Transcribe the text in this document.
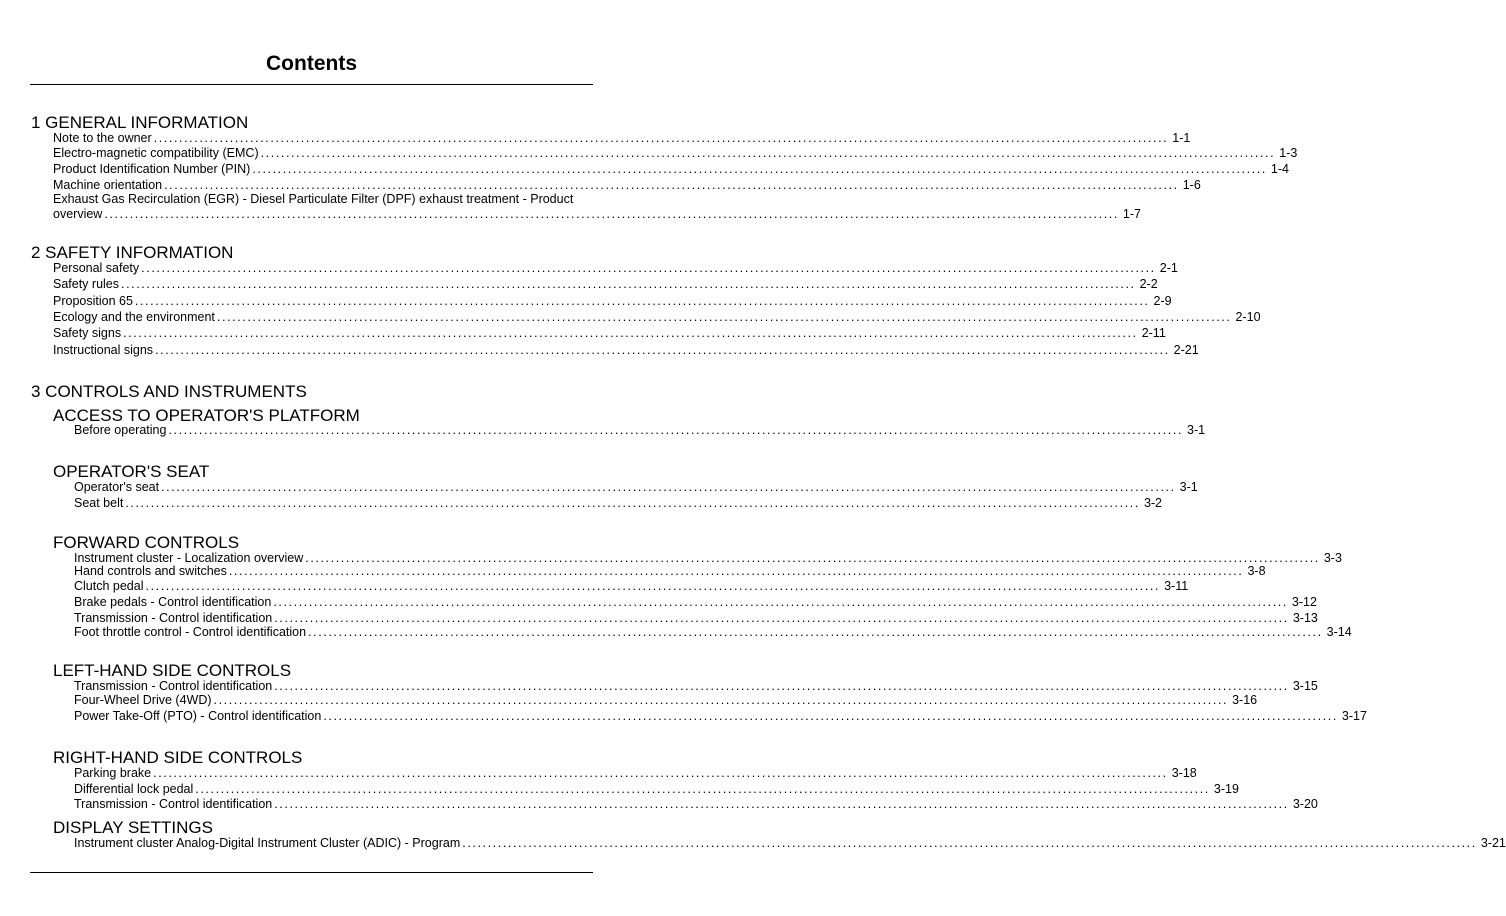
Contents
1 GENERAL INFORMATION
Note to the owner ........................................................................................................................................................................................................ 1-1
Electro-magnetic compatibility (EMC) ........................................................................................................................................................................................................ 1-3
Product Identification Number (PIN) ........................................................................................................................................................................................................ 1-4
Machine orientation ........................................................................................................................................................................................................ 1-6
Exhaust Gas Recirculation (EGR) - Diesel Particulate Filter (DPF) exhaust treatment - Product
overview ........................................................................................................................................................................................................ 1-7
2 SAFETY INFORMATION
Personal safety ........................................................................................................................................................................................................ 2-1
Safety rules ........................................................................................................................................................................................................ 2-2
Proposition 65 ........................................................................................................................................................................................................ 2-9
Ecology and the environment ........................................................................................................................................................................................................ 2-10
Safety signs ........................................................................................................................................................................................................ 2-11
Instructional signs ........................................................................................................................................................................................................ 2-21
3 CONTROLS AND INSTRUMENTS
ACCESS TO OPERATOR'S PLATFORM
Before operating ........................................................................................................................................................................................................ 3-1
OPERATOR'S SEAT
Operator's seat ........................................................................................................................................................................................................ 3-1
Seat belt ........................................................................................................................................................................................................ 3-2
FORWARD CONTROLS
Instrument cluster - Localization overview ........................................................................................................................................................................................................ 3-3
Hand controls and switches ........................................................................................................................................................................................................ 3-8
Clutch pedal ........................................................................................................................................................................................................ 3-11
Brake pedals - Control identification ........................................................................................................................................................................................................ 3-12
Transmission - Control identification ........................................................................................................................................................................................................ 3-13
Foot throttle control - Control identification ........................................................................................................................................................................................................ 3-14
LEFT-HAND SIDE CONTROLS
Transmission - Control identification ........................................................................................................................................................................................................ 3-15
Four-Wheel Drive (4WD) ........................................................................................................................................................................................................ 3-16
Power Take-Off (PTO) - Control identification ........................................................................................................................................................................................................ 3-17
RIGHT-HAND SIDE CONTROLS
Parking brake ........................................................................................................................................................................................................ 3-18
Differential lock pedal ........................................................................................................................................................................................................ 3-19
Transmission - Control identification ........................................................................................................................................................................................................ 3-20
DISPLAY SETTINGS
Instrument cluster Analog-Digital Instrument Cluster (ADIC) - Program ........................................................................................................................................................................................................ 3-21
